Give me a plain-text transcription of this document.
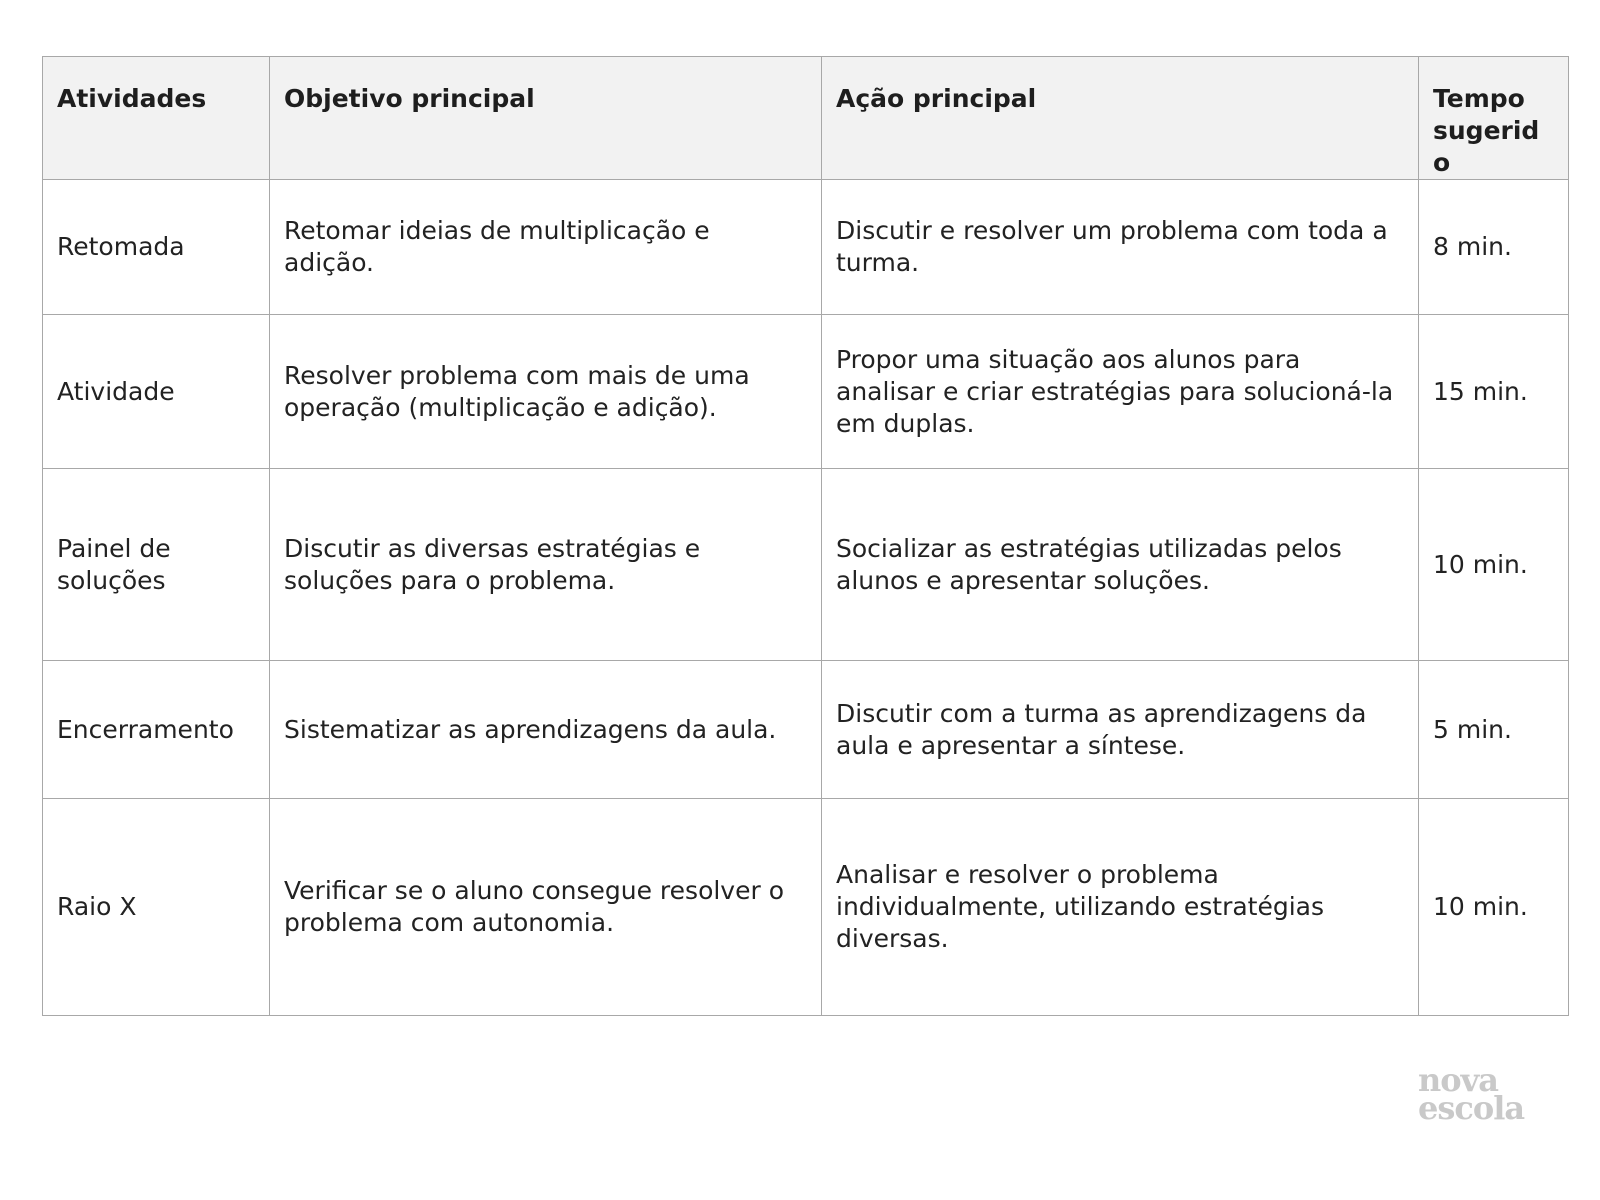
Atividades	Objetivo principal	Ação principal	Tempo sugerido
Retomada	Retomar ideias de multiplicação e adição.	Discutir e resolver um problema com toda a turma.	8 min.
Atividade	Resolver problema com mais de uma operação (multiplicação e adição).	Propor uma situação aos alunos para analisar e criar estratégias para solucioná-la em duplas.	15 min.
Painel de soluções	Discutir as diversas estratégias e soluções para o problema.	Socializar as estratégias utilizadas pelos alunos e apresentar soluções.	10 min.
Encerramento	Sistematizar as aprendizagens da aula.	Discutir com a turma as aprendizagens da aula e apresentar a síntese.	5 min.
Raio X	Verificar se o aluno consegue resolver o problema com autonomia.	Analisar e resolver o problema individualmente, utilizando estratégias diversas.	10 min.
nova
escola
